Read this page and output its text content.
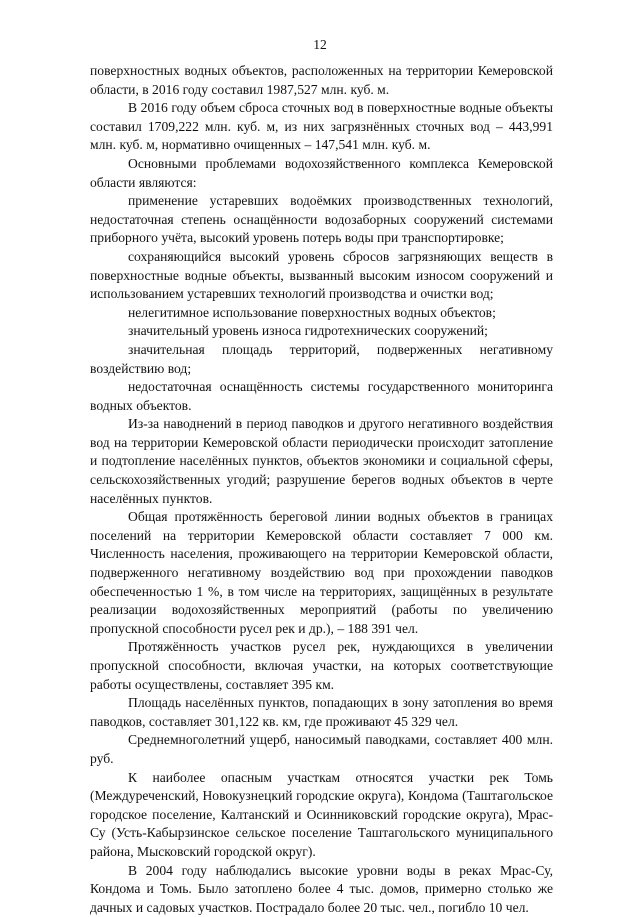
12

поверхностных водных объектов, расположенных на территории Кемеровской области, в 2016 году составил 1987,527 млн. куб. м.

В 2016 году объем сброса сточных вод в поверхностные водные объекты составил 1709,222 млн. куб. м, из них загрязнённых сточных вод – 443,991 млн. куб. м, нормативно очищенных – 147,541 млн. куб. м.

Основными проблемами водохозяйственного комплекса Кемеровской области являются:

применение устаревших водоёмких производственных технологий, недостаточная степень оснащённости водозаборных сооружений системами приборного учёта, высокий уровень потерь воды при транспортировке;

сохраняющийся высокий уровень сбросов загрязняющих веществ в поверхностные водные объекты, вызванный высоким износом сооружений и использованием устаревших технологий производства и очистки вод;

нелегитимное использование поверхностных водных объектов;

значительный уровень износа гидротехнических сооружений;

значительная площадь территорий, подверженных негативному воздействию вод;

недостаточная оснащённость системы государственного мониторинга водных объектов.

Из-за наводнений в период паводков и другого негативного воздействия вод на территории Кемеровской области периодически происходит затопление и подтопление населённых пунктов, объектов экономики и социальной сферы, сельскохозяйственных угодий; разрушение берегов водных объектов в черте населённых пунктов.

Общая протяжённость береговой линии водных объектов в границах поселений на территории Кемеровской области составляет 7 000 км. Численность населения, проживающего на территории Кемеровской области, подверженного негативному воздействию вод при прохождении паводков обеспеченностью 1 %, в том числе на территориях, защищённых в результате реализации водохозяйственных мероприятий (работы по увеличению пропускной способности русел рек и др.), – 188 391 чел.

Протяжённость участков русел рек, нуждающихся в увеличении пропускной способности, включая участки, на которых соответствующие работы осуществлены, составляет 395 км.

Площадь населённых пунктов, попадающих в зону затопления во время паводков, составляет 301,122 кв. км, где проживают 45 329 чел.

Среднемноголетний ущерб, наносимый паводками, составляет 400 млн. руб.

К наиболее опасным участкам относятся участки рек Томь (Междуреченский, Новокузнецкий городские округа), Кондома (Таштагольское городское поселение, Калтанский и Осинниковский городские округа), Мрас-Су (Усть-Кабырзинское сельское поселение Таштагольского муниципального района, Мысковский городской округ).

В 2004 году наблюдались высокие уровни воды в реках Мрас-Су, Кондома и Томь. Было затоплено более 4 тыс. домов, примерно столько же дачных и садовых участков. Пострадало более 20 тыс. чел., погибло 10 чел.
